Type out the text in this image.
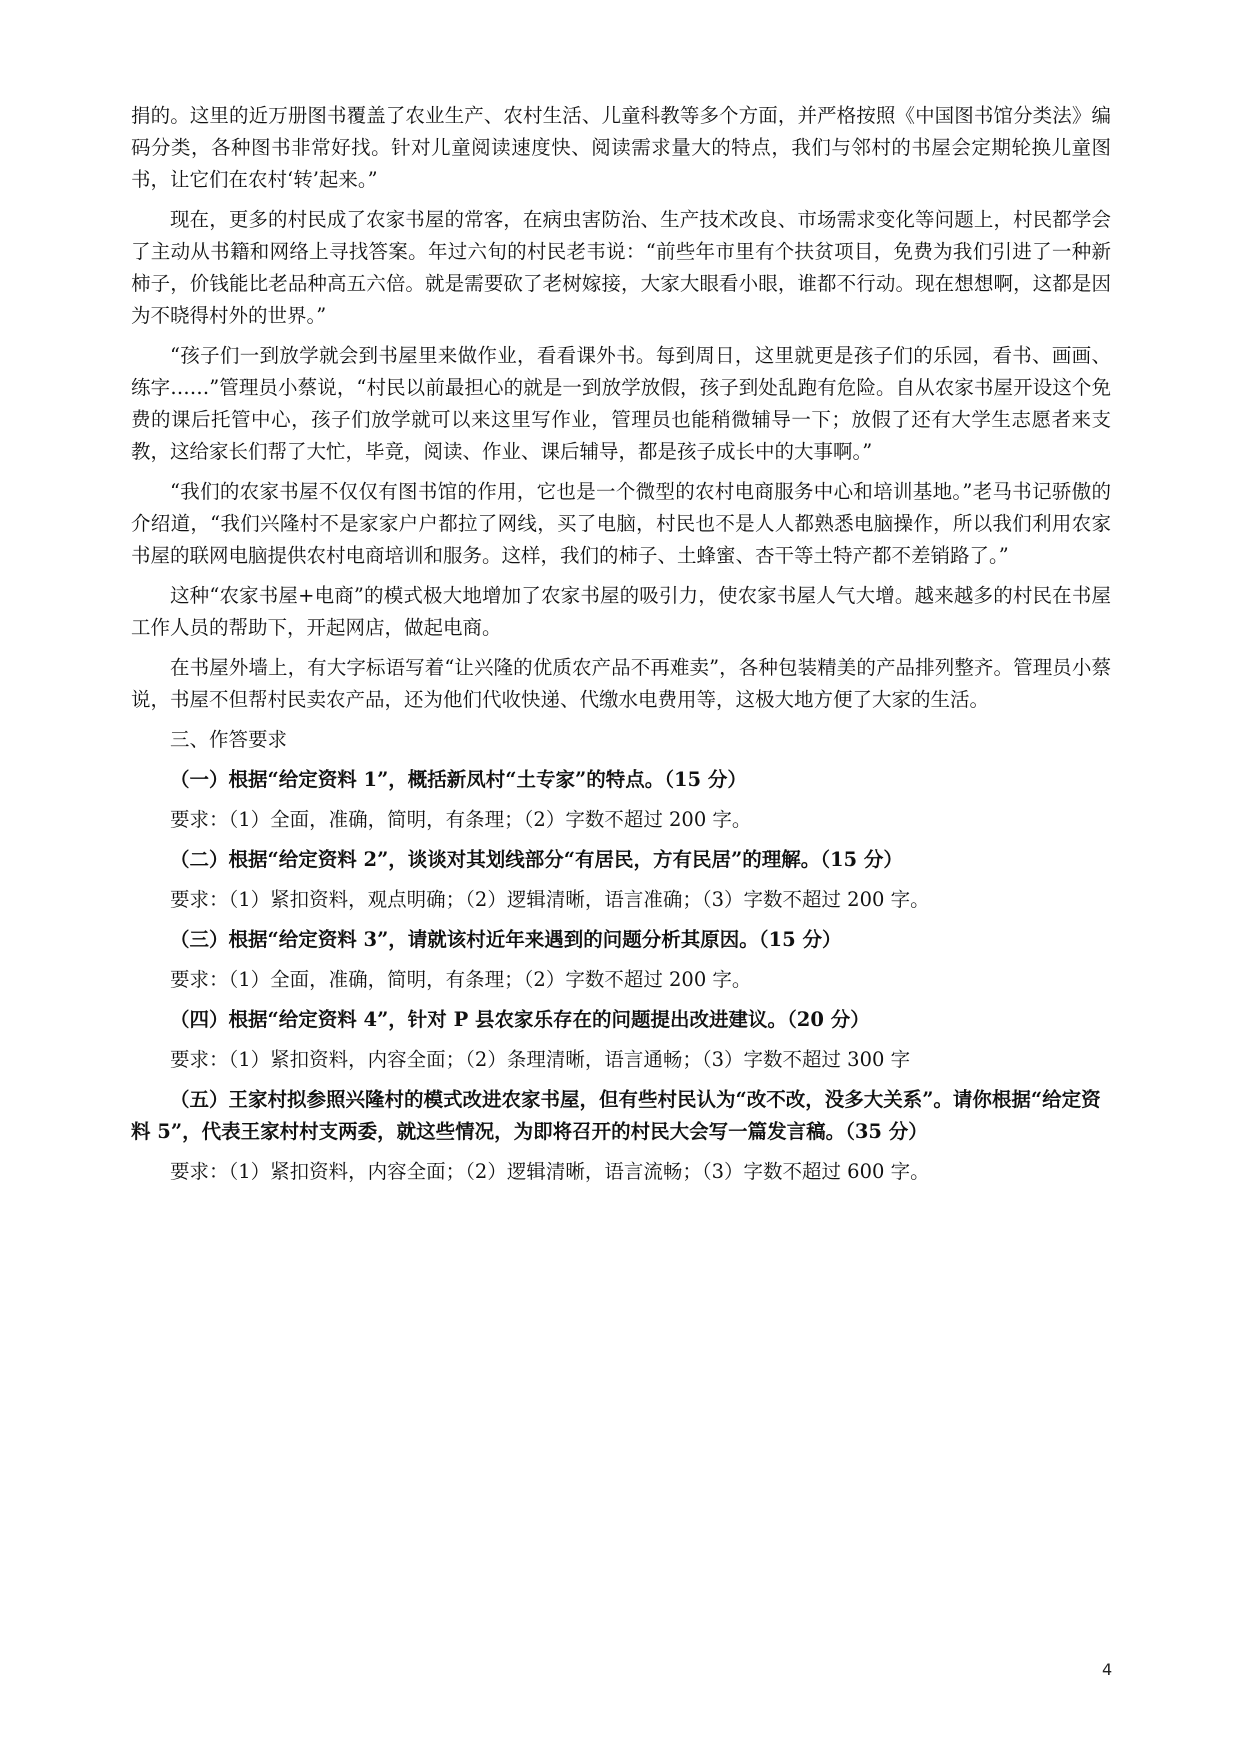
捐的。这里的近万册图书覆盖了农业生产、农村生活、儿童科教等多个方面，并严格按照《中国图书馆分类法》编码分类，各种图书非常好找。针对儿童阅读速度快、阅读需求量大的特点，我们与邻村的书屋会定期轮换儿童图书，让它们在农村‘转’起来。”

现在，更多的村民成了农家书屋的常客，在病虫害防治、生产技术改良、市场需求变化等问题上，村民都学会了主动从书籍和网络上寻找答案。年过六旬的村民老韦说：“前些年市里有个扶贫项目，免费为我们引进了一种新柿子，价钱能比老品种高五六倍。就是需要砍了老树嫁接，大家大眼看小眼，谁都不行动。现在想想啊，这都是因为不晓得村外的世界。”

“孩子们一到放学就会到书屋里来做作业，看看课外书。每到周日，这里就更是孩子们的乐园，看书、画画、练字……”管理员小蔡说，“村民以前最担心的就是一到放学放假，孩子到处乱跑有危险。自从农家书屋开设这个免费的课后托管中心，孩子们放学就可以来这里写作业，管理员也能稍微辅导一下；放假了还有大学生志愿者来支教，这给家长们帮了大忙，毕竟，阅读、作业、课后辅导，都是孩子成长中的大事啊。”

“我们的农家书屋不仅仅有图书馆的作用，它也是一个微型的农村电商服务中心和培训基地。”老马书记骄傲的介绍道，“我们兴隆村不是家家户户都拉了网线，买了电脑，村民也不是人人都熟悉电脑操作，所以我们利用农家书屋的联网电脑提供农村电商培训和服务。这样，我们的柿子、土蜂蜜、杏干等土特产都不差销路了。”

这种“农家书屋+电商”的模式极大地增加了农家书屋的吸引力，使农家书屋人气大增。越来越多的村民在书屋工作人员的帮助下，开起网店，做起电商。

在书屋外墙上，有大字标语写着“让兴隆的优质农产品不再难卖”，各种包装精美的产品排列整齐。管理员小蔡说，书屋不但帮村民卖农产品，还为他们代收快递、代缴水电费用等，这极大地方便了大家的生活。

三、作答要求

（一）根据“给定资料 1”，概括新凤村“土专家”的特点。（15 分）

要求：（1）全面，准确，简明，有条理；（2）字数不超过 200 字。

（二）根据“给定资料 2”，谈谈对其划线部分“有居民，方有民居”的理解。（15 分）

要求：（1）紧扣资料，观点明确；（2）逻辑清晰，语言准确；（3）字数不超过 200 字。

（三）根据“给定资料 3”，请就该村近年来遇到的问题分析其原因。（15 分）

要求：（1）全面，准确，简明，有条理；（2）字数不超过 200 字。

（四）根据“给定资料 4”，针对 P 县农家乐存在的问题提出改进建议。（20 分）

要求：（1）紧扣资料，内容全面；（2）条理清晰，语言通畅；（3）字数不超过 300 字

（五）王家村拟参照兴隆村的模式改进农家书屋，但有些村民认为“改不改，没多大关系”。请你根据“给定资料 5”，代表王家村村支两委，就这些情况，为即将召开的村民大会写一篇发言稿。（35 分）

要求：（1）紧扣资料，内容全面；（2）逻辑清晰，语言流畅；（3）字数不超过 600 字。

4
